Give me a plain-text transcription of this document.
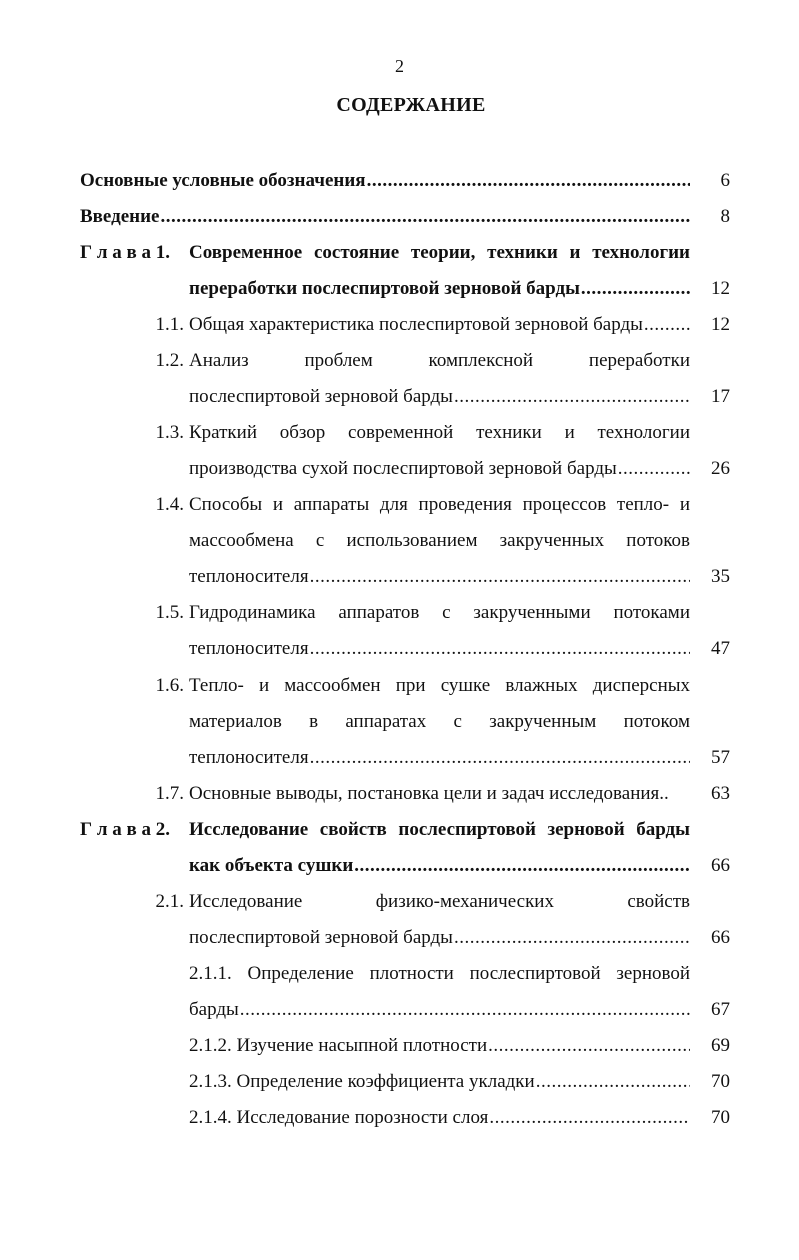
2
СОДЕРЖАНИЕ
Основные условные обозначения .....	6
Введение .....	8
Г л а в а 1. Современное состояние теории, техники и технологии
переработки послеспиртовой зерновой барды .....	12
1.1. Общая характеристика послеспиртовой зерновой барды .....	12
1.2. Анализ проблем комплексной переработки
послеспиртовой зерновой барды .....	17
1.3. Краткий обзор современной техники и технологии
производства сухой послеспиртовой зерновой барды .....	26
1.4. Способы и аппараты для проведения процессов тепло- и
массообмена с использованием закрученных потоков
теплоносителя .....	35
1.5. Гидродинамика аппаратов с закрученными потоками
теплоносителя .....	47
1.6. Тепло- и массообмен при сушке влажных дисперсных
материалов в аппаратах с закрученным потоком
теплоносителя .....	57
1.7. Основные выводы, постановка цели и задач исследования..	63
Г л а в а 2. Исследование свойств послеспиртовой зерновой барды
как объекта сушки .....	66
2.1. Исследование физико-механических свойств
послеспиртовой зерновой барды .....	66
2.1.1. Определение плотности послеспиртовой зерновой
барды .....	67
2.1.2. Изучение насыпной плотности .....	69
2.1.3. Определение коэффициента укладки .....	70
2.1.4. Исследование порозности слоя .....	70
